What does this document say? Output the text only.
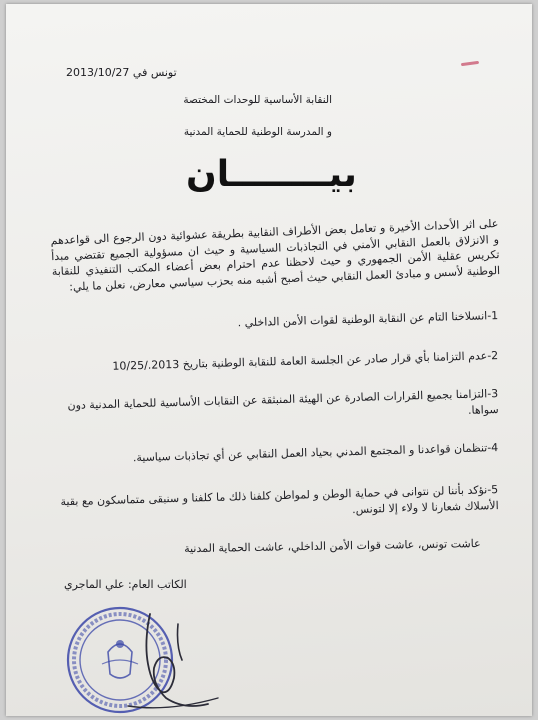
تونس في 2013/10/27
النقابة الأساسية للوحدات المختصة
و المدرسة الوطنية للحماية المدنية
بيــــــــان
على اثر الأحداث الأخيرة و تعامل بعض الأطراف النقابية بطريقة عشوائية دون الرجوع الى قواعدهم و الانزلاق بالعمل النقابي الأمني في التجاذبات السياسية و حيث ان مسؤولية الجميع تقتضي مبدأ تكريس عقلية الأمن الجمهوري و حيث لاحظنا عدم احترام بعض أعضاء المكتب التنفيذي للنقابة الوطنية لأسس و مبادئ العمل النقابي حيث أصبح أشبه منه بحزب سياسي معارض، نعلن ما يلي:
1-انسلاخنا التام عن النقابة الوطنية لقوات الأمن الداخلي .
2-عدم التزامنا بأي قرار صادر عن الجلسة العامة للنقابة الوطنية بتاريخ 2013./10/25
3-التزامنا بجميع القرارات الصادرة عن الهيئة المنبثقة عن النقابات الأساسية للحماية المدنية دون سواها.
4-تنظمان قواعدنا و المجتمع المدني بحياد العمل النقابي عن أي تجاذبات سياسية.
5-نؤكد بأننا لن نتوانى في حماية الوطن و لمواطن كلفنا ذلك ما كلفنا و سنبقى متماسكون مع بقية الأسلاك شعارنا لا ولاء إلا لتونس.
عاشت تونس، عاشت قوات الأمن الداخلي، عاشت الحماية المدنية
الكاتب العام: علي الماجري
